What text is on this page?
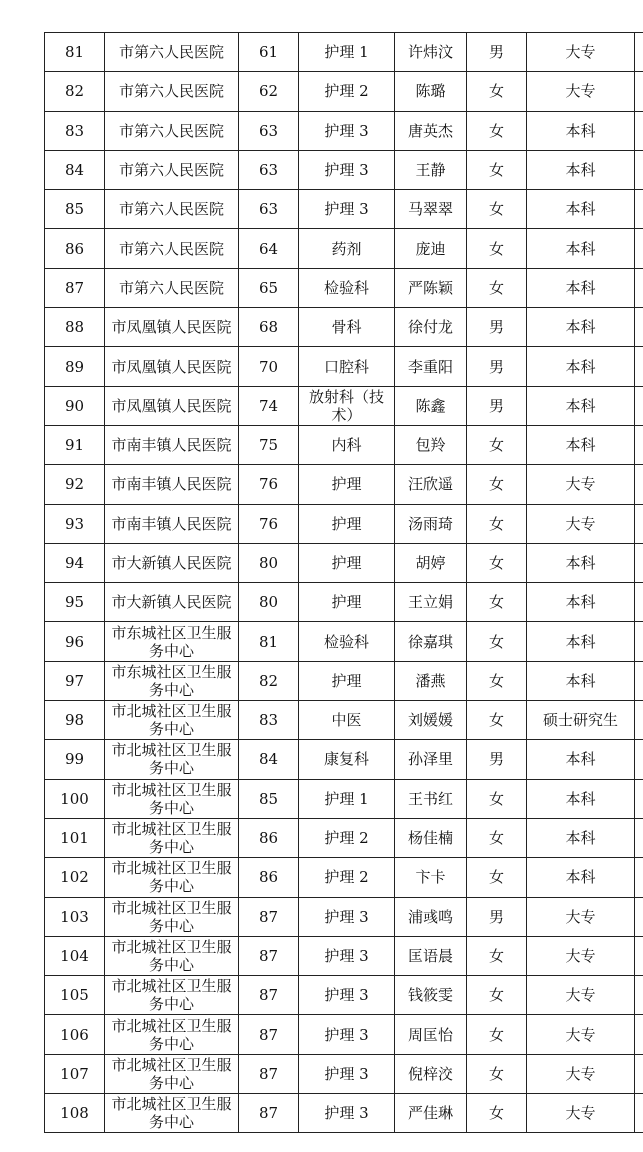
81	市第六人民医院	61	护理 1	许炜汶	男	大专	
82	市第六人民医院	62	护理 2	陈璐	女	大专	
83	市第六人民医院	63	护理 3	唐英杰	女	本科	
84	市第六人民医院	63	护理 3	王静	女	本科	
85	市第六人民医院	63	护理 3	马翠翠	女	本科	
86	市第六人民医院	64	药剂	庞迪	女	本科	
87	市第六人民医院	65	检验科	严陈颖	女	本科	
88	市凤凰镇人民医院	68	骨科	徐付龙	男	本科	
89	市凤凰镇人民医院	70	口腔科	李重阳	男	本科	
90	市凤凰镇人民医院	74	放射科（技术）	陈鑫	男	本科	
91	市南丰镇人民医院	75	内科	包羚	女	本科	
92	市南丰镇人民医院	76	护理	汪欣遥	女	大专	
93	市南丰镇人民医院	76	护理	汤雨琦	女	大专	
94	市大新镇人民医院	80	护理	胡婷	女	本科	
95	市大新镇人民医院	80	护理	王立娟	女	本科	
96	市东城社区卫生服务中心	81	检验科	徐嘉琪	女	本科	
97	市东城社区卫生服务中心	82	护理	潘燕	女	本科	
98	市北城社区卫生服务中心	83	中医	刘媛媛	女	硕士研究生	
99	市北城社区卫生服务中心	84	康复科	孙泽里	男	本科	
100	市北城社区卫生服务中心	85	护理 1	王书红	女	本科	
101	市北城社区卫生服务中心	86	护理 2	杨佳楠	女	本科	
102	市北城社区卫生服务中心	86	护理 2	卞卡	女	本科	
103	市北城社区卫生服务中心	87	护理 3	浦彧鸣	男	大专	
104	市北城社区卫生服务中心	87	护理 3	匡语晨	女	大专	
105	市北城社区卫生服务中心	87	护理 3	钱筱雯	女	大专	
106	市北城社区卫生服务中心	87	护理 3	周匡怡	女	大专	
107	市北城社区卫生服务中心	87	护理 3	倪梓洨	女	大专	
108	市北城社区卫生服务中心	87	护理 3	严佳琳	女	大专	
